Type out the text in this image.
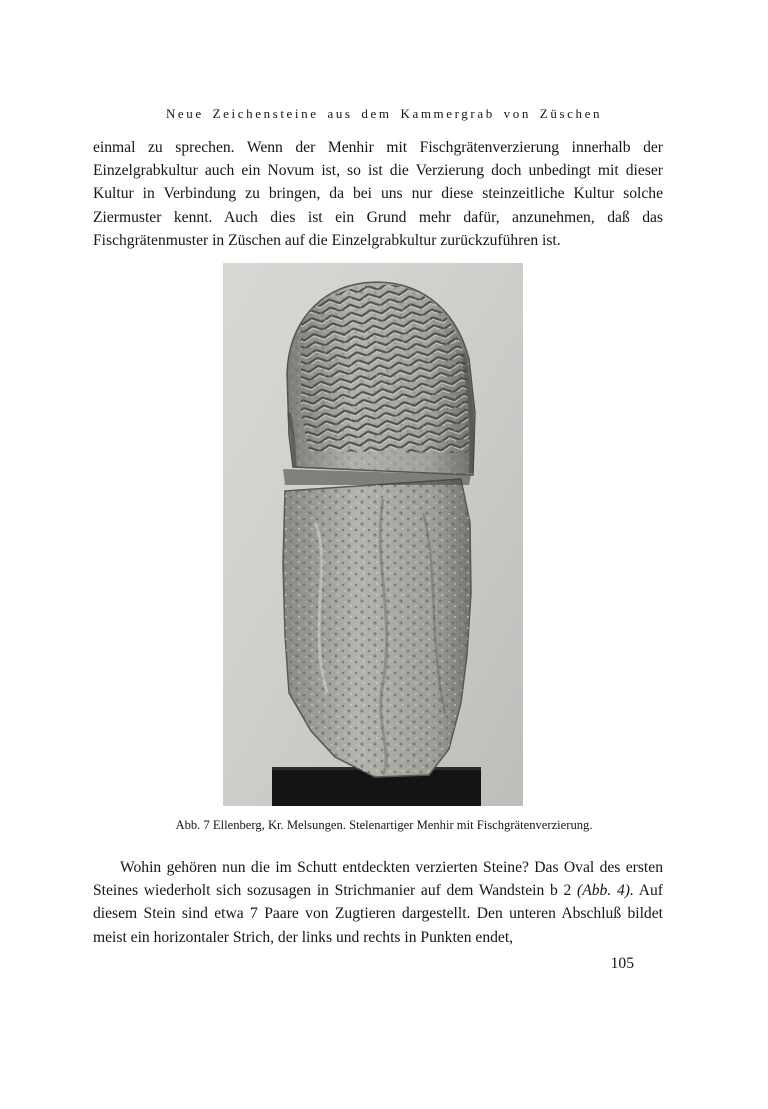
Neue Zeichensteine aus dem Kammergrab von Züschen

einmal zu sprechen. Wenn der Menhir mit Fischgrätenverzierung innerhalb der Einzelgrabkultur auch ein Novum ist, so ist die Verzierung doch unbedingt mit dieser Kultur in Verbindung zu bringen, da bei uns nur diese steinzeitliche Kultur solche Ziermuster kennt. Auch dies ist ein Grund mehr dafür, anzunehmen, daß das Fischgrätenmuster in Züschen auf die Einzelgrabkultur zurückzuführen ist.

Abb. 7 Ellenberg, Kr. Melsungen. Stelenartiger Menhir mit Fischgrätenverzierung.

Wohin gehören nun die im Schutt entdeckten verzierten Steine? Das Oval des ersten Steines wiederholt sich sozusagen in Strichmanier auf dem Wandstein b 2 (Abb. 4). Auf diesem Stein sind etwa 7 Paare von Zugtieren dargestellt. Den unteren Abschluß bildet meist ein horizontaler Strich, der links und rechts in Punkten endet,

105
